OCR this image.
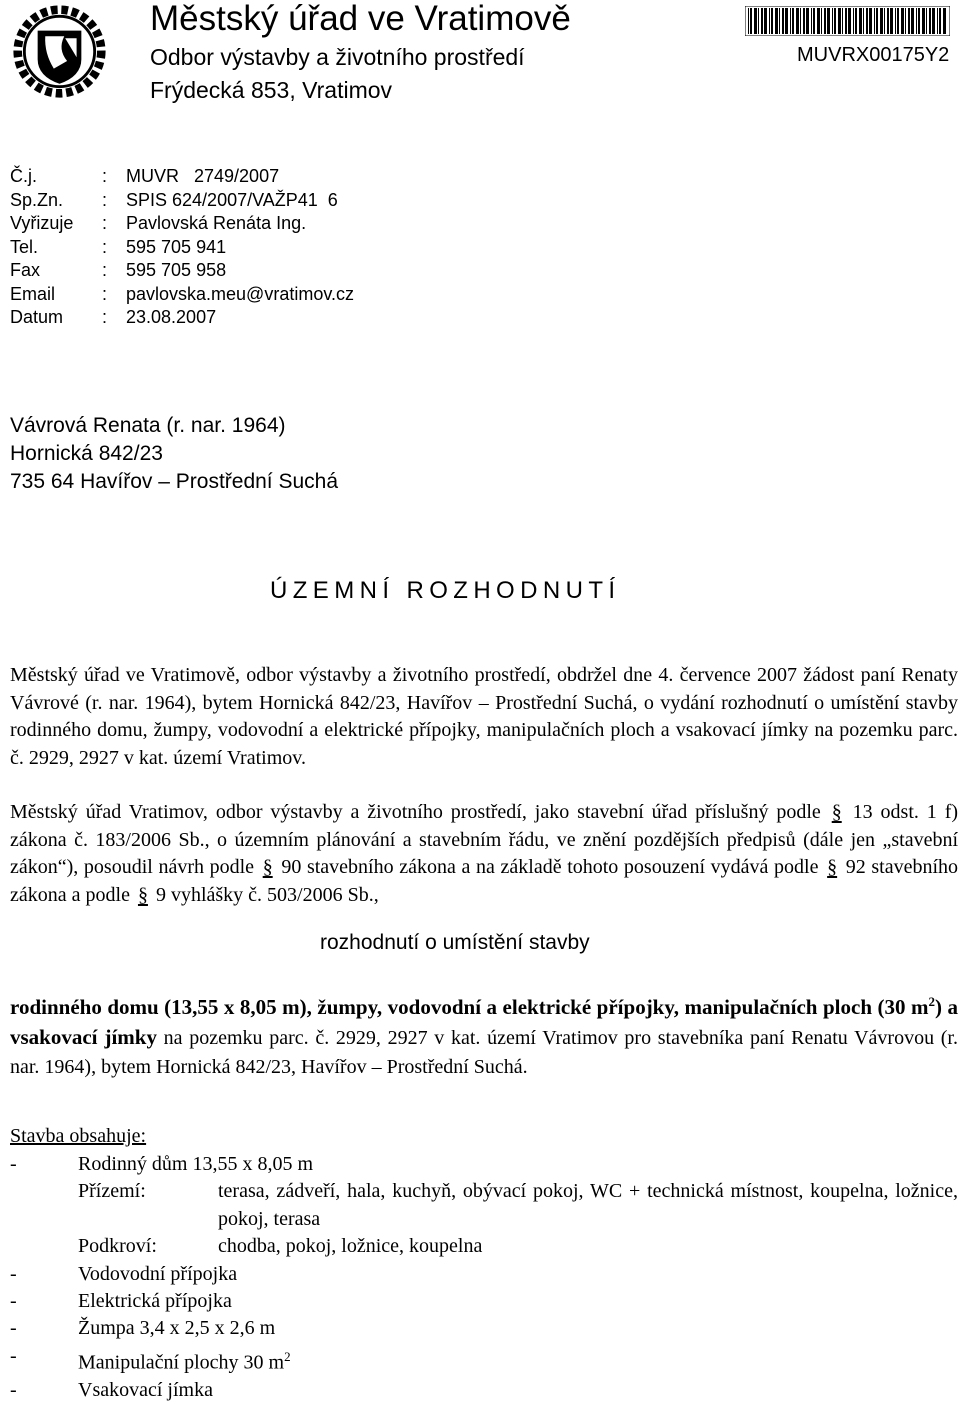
Městský úřad ve Vratimově
Odbor výstavby a životního prostředí
Frýdecká 853, Vratimov
MUVRX00175Y2
Č.j.	: MUVR   2749/2007
Sp.Zn. : SPIS 624/2007/VAŽP41  6
Vyřizuje : Pavlovská Renáta Ing.
Tel.	: 595 705 941
Fax	: 595 705 958
Email	: pavlovska.meu@vratimov.cz
Datum : 23.08.2007
Vávrová Renata (r. nar. 1964)
Hornická 842/23
735 64 Havířov – Prostřední Suchá
ÚZEMNÍ ROZHODNUTÍ
Městský úřad ve Vratimově, odbor výstavby a životního prostředí, obdržel dne 4. července 2007 žádost paní Renaty Vávrové (r. nar. 1964), bytem Hornická 842/23, Havířov – Prostřední Suchá, o vydání rozhodnutí o umístění stavby rodinného domu, žumpy, vodovodní a elektrické přípojky, manipulačních ploch a vsakovací jímky na pozemku parc. č. 2929, 2927 v kat. území Vratimov.
Městský úřad Vratimov, odbor výstavby a životního prostředí, jako stavební úřad příslušný podle § 13 odst. 1 f) zákona č. 183/2006 Sb., o územním plánování a stavebním řádu, ve znění pozdějších předpisů (dále jen „stavební zákon“), posoudil návrh podle § 90 stavebního zákona a na základě tohoto posouzení vydává podle § 92 stavebního zákona a podle § 9 vyhlášky č. 503/2006 Sb.,
rozhodnutí o umístění stavby
rodinného domu (13,55 x 8,05 m), žumpy, vodovodní a elektrické přípojky, manipulačních ploch (30 $m^2$) a vsakovací jímky na pozemku parc. č. 2929, 2927 v kat. území Vratimov pro stavebníka paní Renatu Vávrovou (r. nar. 1964), bytem Hornická 842/23, Havířov – Prostřední Suchá.
Stavba obsahuje:
-	Rodinný dům 13,55 x 8,05 m
Přízemí:	terasa, zádveří, hala, kuchyň, obývací pokoj, WC + technická místnost, koupelna, ložnice, pokoj, terasa
Podkroví:	chodba, pokoj, ložnice, koupelna
-	Vodovodní přípojka
-	Elektrická přípojka
-	Žumpa 3,4 x 2,5 x 2,6 m
-	Manipulační plochy 30 $m^2$
-	Vsakovací jímka
